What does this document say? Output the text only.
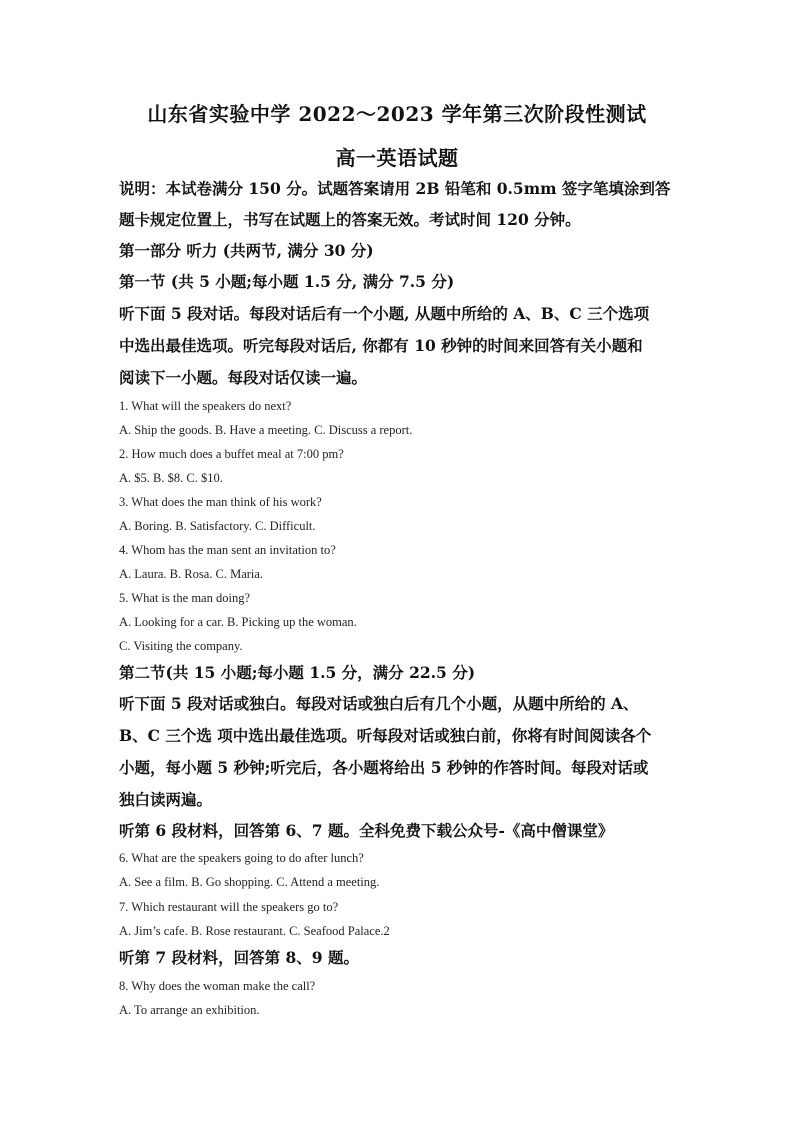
山东省实验中学 2022～2023 学年第三次阶段性测试
高一英语试题
说明：本试卷满分 150 分。试题答案请用 2B 铅笔和 0.5mm 签字笔填涂到答
题卡规定位置上，书写在试题上的答案无效。考试时间 120 分钟。
第一部分 听力 (共两节, 满分 30 分)
第一节 (共 5 小题;每小题 1.5 分, 满分 7.5 分)
听下面 5 段对话。每段对话后有一个小题, 从题中所给的 A、B、C 三个选项
中选出最佳选项。听完每段对话后, 你都有 10 秒钟的时间来回答有关小题和
阅读下一小题。每段对话仅读一遍。
1. What will the speakers do next?
A. Ship the goods. B. Have a meeting. C. Discuss a report.
2. How much does a buffet meal at 7:00 pm?
A. $5. B. $8. C. $10.
3. What does the man think of his work?
A. Boring. B. Satisfactory. C. Difficult.
4. Whom has the man sent an invitation to?
A. Laura. B. Rosa. C. Maria.
5. What is the man doing?
A. Looking for a car. B. Picking up the woman.
C. Visiting the company.
第二节(共 15 小题;每小题 1.5 分，满分 22.5 分)
听下面 5 段对话或独白。每段对话或独白后有几个小题，从题中所给的 A、
B、C 三个选 项中选出最佳选项。听每段对话或独白前，你将有时间阅读各个
小题，每小题 5 秒钟;听完后，各小题将给出 5 秒钟的作答时间。每段对话或
独白读两遍。
听第 6 段材料，回答第 6、7 题。全科免费下载公众号-《高中僧课堂》
6. What are the speakers going to do after lunch?
A. See a film. B. Go shopping. C. Attend a meeting.
7. Which restaurant will the speakers go to?
A. Jim’s cafe. B. Rose restaurant. C. Seafood Palace.2
听第 7 段材料，回答第 8、9 题。
8. Why does the woman make the call?
A. To arrange an exhibition.
